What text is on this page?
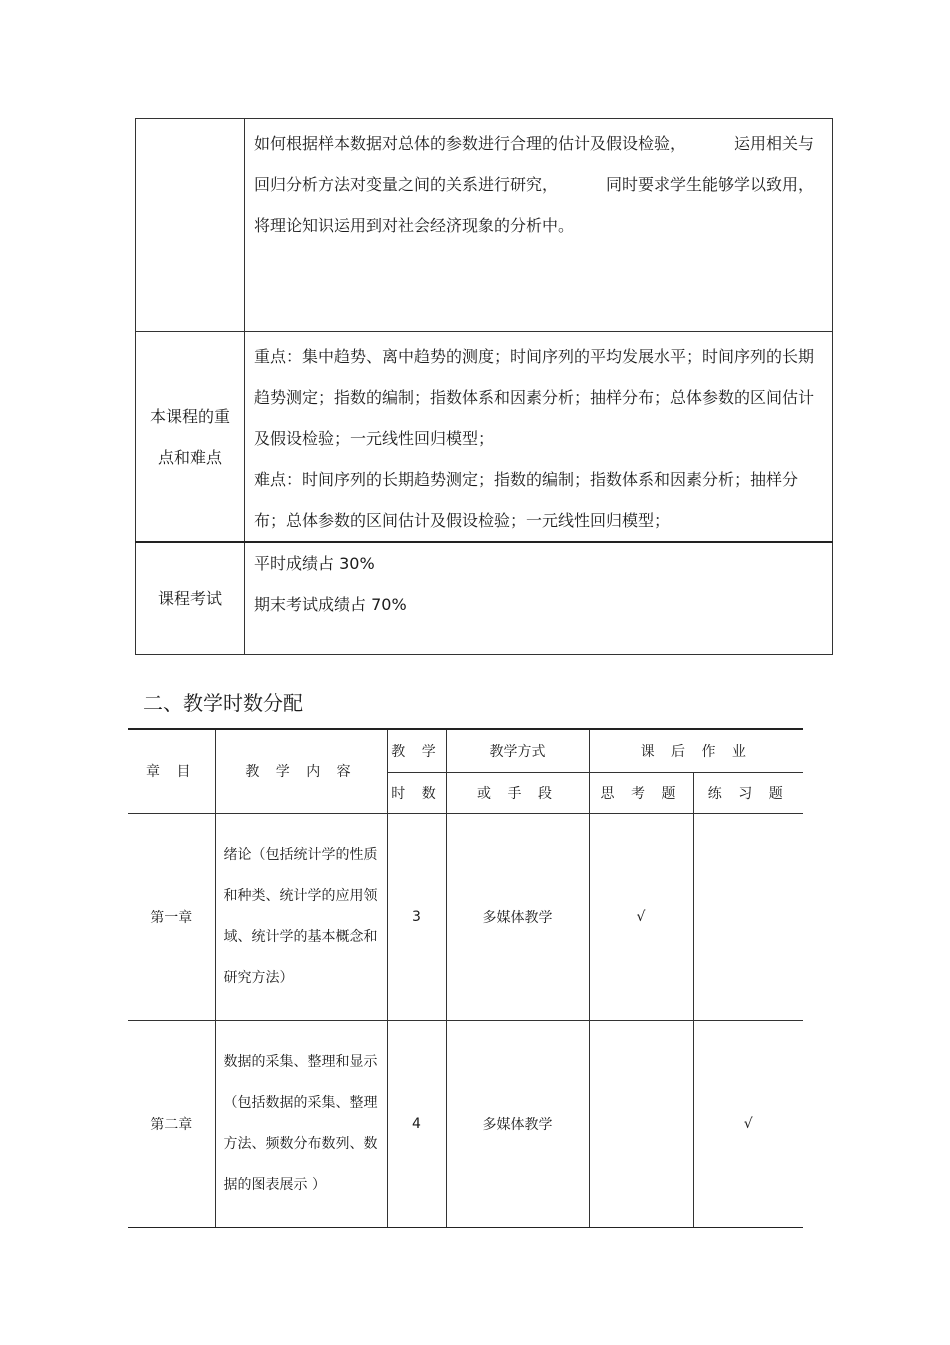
	如何根据样本数据对总体的参数进行合理的估计及假设检验， 运用相关与回归分析方法对变量之间的关系进行研究， 同时要求学生能够学以致用，将理论知识运用到对社会经济现象的分析中。

本课程的重点和难点	重点：集中趋势、离中趋势的测度；时间序列的平均发展水平；时间序列的长期趋势测定；指数的编制；指数体系和因素分析；抽样分布；总体参数的区间估计及假设检验；一元线性回归模型；

难点：时间序列的长期趋势测定；指数的编制；指数体系和因素分析；抽样分布；总体参数的区间估计及假设检验；一元线性回归模型；

课程考试	平时成绩占 30%

期末考试成绩占 70%

二、教学时数分配
章 目	教 学 内 容	教 学	教学方式	课 后 作 业	
		时 数	或 手 段	思 考 题	练 习 题
第一章	绪论（包括统计学的性质和种类、统计学的应用领域、统计学的基本概念和研究方法）	3	多媒体教学	√	
第二章	数据的采集、整理和显示（包括数据的采集、整理方法、频数分布数列、数据的图表展示 ）	4	多媒体教学		√
